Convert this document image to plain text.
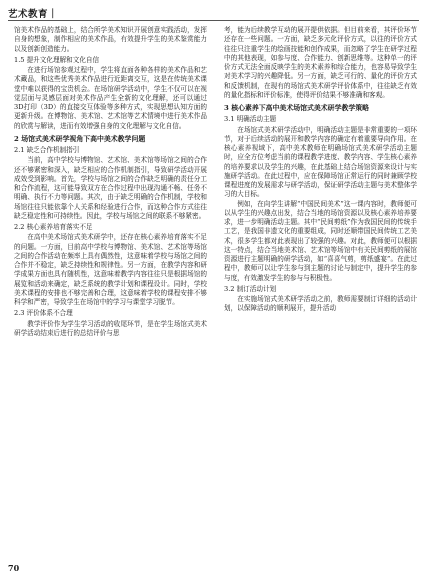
艺术教育｜

馆美术作品的基础上，结合所学美术知识开展创意实践活动，发挥自身的想象，制作相应的美术作品，有效提升学生的美术鉴赏能力以及创新创造能力。

1.5 提升文化理解和文化自信

在进行场馆参观过程中，学生将直面各种各样的美术作品和艺术藏品，和这些优秀美术作品进行近距离交互，这是在传统美术课堂中难以获得的宝贵机会。在场馆研学活动中，学生不仅可以在视觉层面与灵感层面对美术作品产生全新的文化理解，还可以通过3D打印（3D）的直接交互体验等多种方式，实现思想认知方面的更新升级。在博物馆、美术馆、艺术馆等艺术情境中进行美术作品的欣赏与解读，进而有效增强自身的文化理解与文化自信。

2 场馆式美术研学视角下高中美术教学问题
2.1 缺乏合作机制指引

当前，高中学校与博物馆、艺术馆、美术馆等场馆之间的合作还不够紧密和深入，缺乏相应的合作机制指引，导致研学活动开展成效受到影响。首先，学校与场馆之间的合作缺乏明确的责任分工和合作流程，这可能导致双方在合作过程中出现沟通不畅、任务不明确、执行不力等问题。其次，由于缺乏明确的合作机制，学校和场馆往往只能依靠个人关系和经验进行合作，而这种合作方式往往缺乏稳定性和可持续性。因此，学校与场馆之间的联系不够紧密。

2.2 核心素养培育落实不足

在高中美术场馆式美术研学中，还存在核心素养培育落实不足的问题。一方面，目前高中学校与博物馆、美术馆、艺术馆等场馆之间的合作活动在频率上具有偶然性，这意味着学校与场馆之间的合作并不稳定，缺乏持续性和规律性。另一方面，在教学内容和研学成果方面也具有随机性，这意味着教学内容往往只是根据场馆的展览和活动来确定，缺乏系统的教学计划和课程设计。同时，学校美术课程的安排也不够完善和合理，这意味着学校的课程安排不够科学和严密，导致学生在场馆中的学习与课堂学习脱节。

2.3 评价体系不合理

教学评价作为学生学习活动的收尾环节，是在学生场馆式美术研学活动结束后进行的总结评价与思

考，能为后续教学互动的展开提供依据。但目前来看，其评价环节还存在一些问题。一方面，缺乏多元化评价方式，以往的评价方式往往只注重学生的绘画技能和创作成果，而忽略了学生在研学过程中的其他表现，如参与度、合作能力、创新思维等。这种单一的评价方式无法全面反映学生的美术素养和综合能力，也容易导致学生对美术学习的兴趣降低。另一方面，缺乏可行的、量化的评价方式和反馈机制，在现有的场馆式美术研学评价体系中，往往缺乏有效的量化指标和评价标准，使得评价结果不够准确和客观。

3 核心素养下高中美术场馆式美术研学教学策略
3.1 明确活动主题

在场馆式美术研学活动中，明确活动主题是非常重要的一项环节，对于后续活动的展开和教学内容的确定有着重要导向作用。在核心素养视域下，高中美术教师在明确场馆式美术研学活动主题时，应全方位考虑当前的课程教学进度、教学内容、学生核心素养的培养要求以及学生的兴趣，在此基础上结合场馆资源来设计与实施研学活动。在此过程中，应在保障场馆正常运行的同时兼顾学校课程进度的发展需求与研学活动，保证研学活动主题与美术整体学习的大目标。

例如，在向学生讲解“中国民间美术”这一课内容时，教师便可以从学生的兴趣点出发，结合当地的场馆资源以及核心素养培养要求，进一步明确活动主题。其中“民间剪纸”作为我国民间的传统手工艺，是我国非遗文化的重要组成，同时还顺带国民间传统工艺美术，很多学生都对此表现出了较强的兴趣。对此，教师便可以根据这一特点，结合当地美术馆、艺术馆等场馆中有关民间剪纸的展馆资源进行主题明确的研学活动，如“喜喜气剪，剪纸盛宴”。在此过程中，教师可以让学生参与到主题的讨论与制定中，提升学生的参与度，有效激发学生的参与与积极性。

3.2 制订活动计划

在实施场馆式美术研学活动之前，教师需要制订详细的活动计划，以保障活动的顺利展开，提升活动

70
